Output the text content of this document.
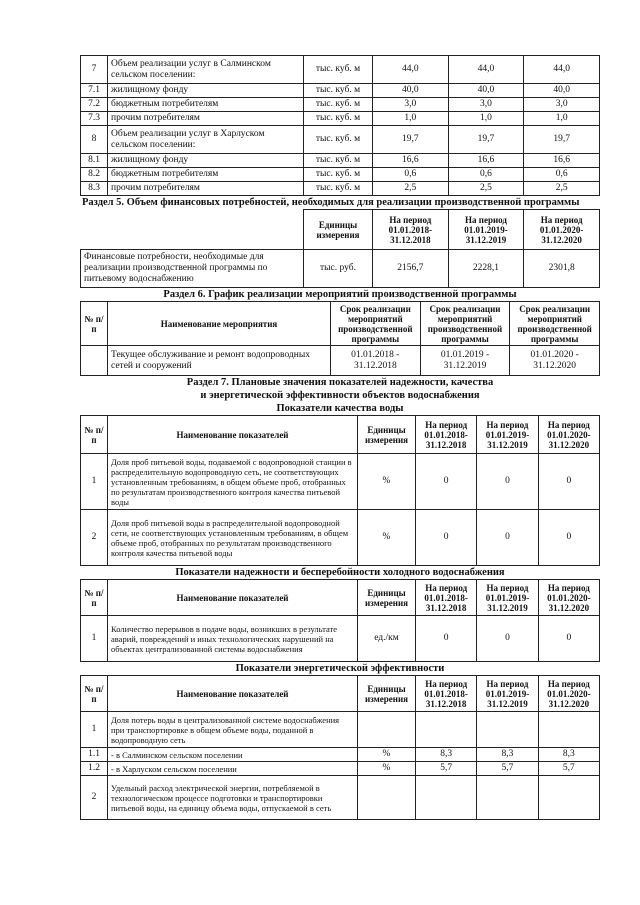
7	Объем реализации услуг в Салминском сельском поселении:	тыс. куб. м	44,0	44,0	44,0
7.1	жилищному фонду	тыс. куб. м	40,0	40,0	40,0
7.2	бюджетным потребителям	тыс. куб. м	3,0	3,0	3,0
7.3	прочим потребителям	тыс. куб. м	1,0	1,0	1,0
8	Объем реализации услуг в Харлуском сельском поселении:	тыс. куб. м	19,7	19,7	19,7
8.1	жилищному фонду	тыс. куб. м	16,6	16,6	16,6
8.2	бюджетным потребителям	тыс. куб. м	0,6	0,6	0,6
8.3	прочим потребителям	тыс. куб. м	2,5	2,5	2,5
Раздел 5. Объем финансовых потребностей, необходимых для реализации производственной программы
	Единицы измерения	На период 01.01.2018-31.12.2018	На период 01.01.2019-31.12.2019	На период 01.01.2020-31.12.2020
Финансовые потребности, необходимые для реализации производственной программы по питьевому водоснабжению	тыс. руб.	2156,7	2228,1	2301,8
Раздел 6. График реализации мероприятий производственной программы
№ п/п	Наименование мероприятия	Срок реализации мероприятий производственной программы	Срок реализации мероприятий производственной программы	Срок реализации мероприятий производственной программы
	Текущее обслуживание и ремонт водопроводных сетей и сооружений	01.01.2018 - 31.12.2018	01.01.2019 - 31.12.2019	01.01.2020 - 31.12.2020
Раздел 7. Плановые значения показателей надежности, качества
и энергетической эффективности объектов водоснабжения
Показатели качества воды
№ п/п	Наименование показателей	Единицы измерения	На период 01.01.2018-31.12.2018	На период 01.01.2019-31.12.2019	На период 01.01.2020-31.12.2020
1	Доля проб питьевой воды, подаваемой с водопроводной станции в распределительную водопроводную сеть, не соответствующих установленным требованиям, в общем объеме проб, отобранных по результатам производственного контроля качества питьевой воды	%	0	0	0
2	Доля проб питьевой воды в распределительной водопроводной сети, не соответствующих установленным требованиям, в общем объеме проб, отобранных по результатам производственного контроля качества питьевой воды	%	0	0	0
Показатели надежности и бесперебойности холодного водоснабжения
№ п/п	Наименование показателей	Единицы измерения	На период 01.01.2018-31.12.2018	На период 01.01.2019-31.12.2019	На период 01.01.2020-31.12.2020
1	Количество перерывов в подаче воды, возникших в результате аварий, повреждений и иных технологических нарушений на объектах централизованной системы водоснабжения	ед./км	0	0	0
Показатели энергетической эффективности
№ п/п	Наименование показателей	Единицы измерения	На период 01.01.2018-31.12.2018	На период 01.01.2019-31.12.2019	На период 01.01.2020-31.12.2020
1	Доля потерь воды в централизованной системе водоснабжения при транспортировке в общем объеме воды, поданной в водопроводную сеть				
1.1	- в Салминском сельском поселении	%	8,3	8,3	8,3
1.2	- в Харлуском сельском поселении	%	5,7	5,7	5,7
2	Удельный расход электрической энергии, потребляемой в технологическом процессе подготовки и транспортировки питьевой воды, на единицу объема воды, отпускаемой в сеть				
